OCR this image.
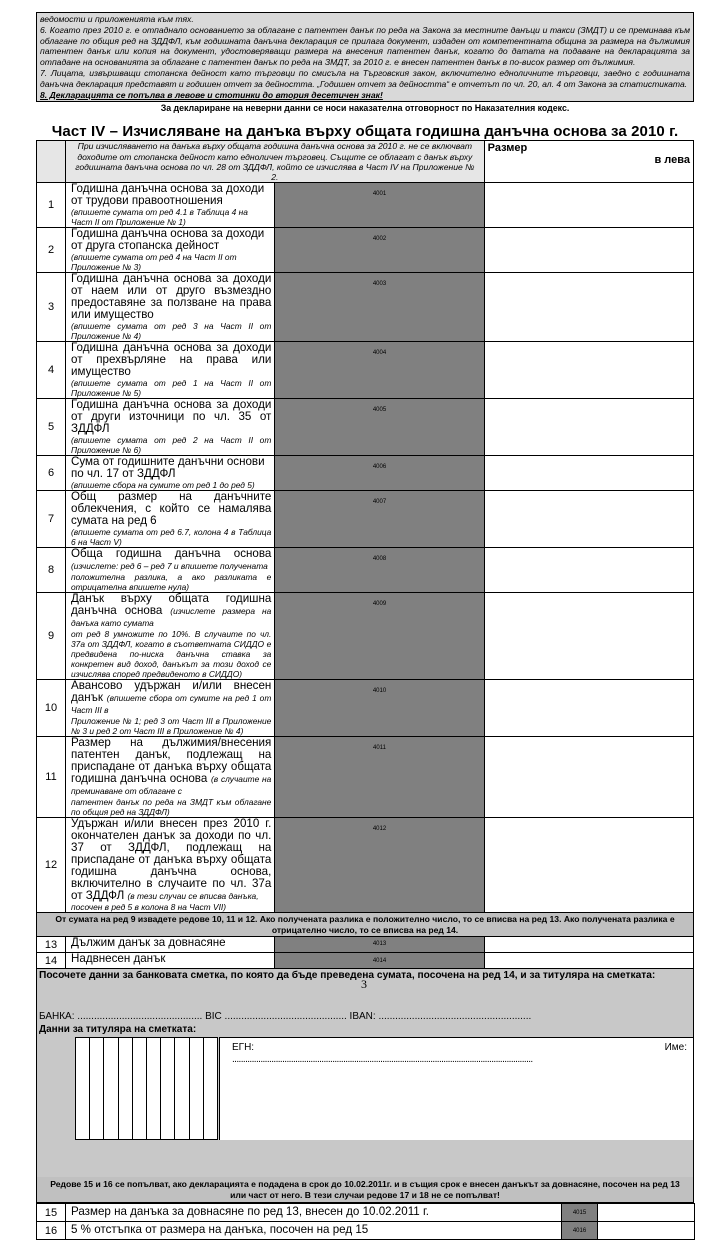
ведомости и приложенията към тях.

6. Когато през 2010 г. е отпаднало основанието за облагане с патентен данък по реда на Закона за местните данъци и такси (ЗМДТ) и се преминава към облагане по общия ред на ЗДДФЛ, към годишната данъчна декларация се прилага документ, издаден от компетентната община за размера на дължимия патентен данък или копия на документ, удостоверяващи размера на внесения патентен данък, когато до датата на подаване на декларацията за отпадане на основанията за облагане с патентен данък по реда на ЗМДТ, за 2010 г. е внесен патентен данък в по-висок размер от дължимия.

7. Лицата, извършващи стопанска дейност като търговци по смисъла на Търговския закон, включително едноличните търговци, заедно с годишната данъчна декларация представят и годишен отчет за дейността. „Годишен отчет за дейността“ е отчетът по чл. 20, ал. 4 от Закона за статистиката.

8. Декларацията се попълва в левове и стотинки до втория десетичен знак!

За деклариране на неверни данни се носи наказателна отговорност по Наказателния кодекс.
Част IV – Изчисляване на данъка върху общата годишна данъчна основа за 2010 г.
	При изчисляването на данъка върху общата годишна данъчна основа за 2010 г. не се включват доходите от стопанска дейност като едноличен търговец. Същите се облагат с данък върху годишната данъчна основа по чл. 28 от ЗДДФЛ, който се изчислява в Част IV на Приложение № 2.		Размер
в лева

1	Годишна данъчна основа за доходи от трудови правоотношения
(впишете сумата от ред 4.1 в Таблица 4 на Част II от Приложение № 1)	4001	
2	Годишна данъчна основа за доходи от друга стопанска дейност
(впишете сумата от ред 4 на Част II от Приложение № 3)	4002	
3	Годишна данъчна основа за доходи от наем или от друго възмездно предоставяне за ползване на права или имущество
(впишете сумата от ред 3 на Част II от Приложение № 4)	4003	
4	Годишна данъчна основа за доходи от прехвърляне на права или имущество
(впишете сумата от ред 1 на Част II от Приложение № 5)	4004	
5	Годишна данъчна основа за доходи от други източници по чл. 35 от ЗДДФЛ
(впишете сумата от ред 2 на Част II от Приложение № 6)	4005	
6	Сума от годишните данъчни основи по чл. 17 от ЗДДФЛ
(впишете сбора на сумите от ред 1 до ред 5)	4006	
7	Общ размер на данъчните облекчения, с който се намалява сумата на ред 6
(впишете сумата от ред 6.7, колона 4 в Таблица 6 на Част V)	4007	
8	Обща годишна данъчна основа (изчислете: ред 6 – ред 7 и впишете получената
положителна разлика, а ако разликата е отрицателна впишете нула)	4008	
9	Данък върху общата годишна данъчна основа (изчислете размера на данъка като сумата
от ред 8 умножите по 10%. В случаите по чл. 37а от ЗДДФЛ, когато в съответната СИДДО е предвидена по-ниска данъчна ставка за конкретен вид доход, данъкът за този доход се изчислява според предвиденото в СИДДО)	4009	
10	Авансово удържан и/или внесен данък (впишете сбора от сумите на ред 1 от Част III в
Приложение № 1; ред 3 от Част III в Приложение № 3 и ред 2 от Част III в Приложение № 4)	4010	
11	Размер на дължимия/внесения патентен данък, подлежащ на приспадане от данъка върху общата годишна данъчна основа (в случаите на преминаване от облагане с
патентен данък по реда на ЗМДТ към облагане по общия ред на ЗДДФЛ)	4011	
12	Удържан и/или внесен през 2010 г. окончателен данък за доходи по чл. 37 от ЗДДФЛ, подлежащ на приспадане от данъка върху общата годишна данъчна основа, включително в случаите по чл. 37а от ЗДДФЛ (в тези случаи се вписва данъка,
посочен в ред 5 в колона 8 на Част VII)	4012	
От сумата на ред 9 извадете редове 10, 11 и 12. Ако получената разлика е положително число, то се вписва на ред 13. Ако получената разлика е отрицателно число, то се вписва на ред 14.			
13	Дължим данък за довнасяне	4013	
14	Надвнесен данък	4014	
Посочете данни за банковата сметка, по която да бъде преведена сумата, посочена на ред 14, и за титуляра на сметката:
БАНКА: ............................................. BIC ............................................ IBAN: .......................................................
Данни за титуляра на сметката:
ЕГН:
..........................................................................................................................................
Име:
Редове 15 и 16 се попълват, ако декларацията е подадена в срок до 10.02.2011г. и в същия срок е внесен данъкът за довнасяне, посочен на ред 13 или част от него. В тези случаи редове 17 и 18 не се попълват!
15	Размер на данъка за довнасяне по ред 13, внесен до 10.02.2011 г.	4015	
16	5 % отстъпка от размера на данъка, посочен на ред 15	4016	
3
